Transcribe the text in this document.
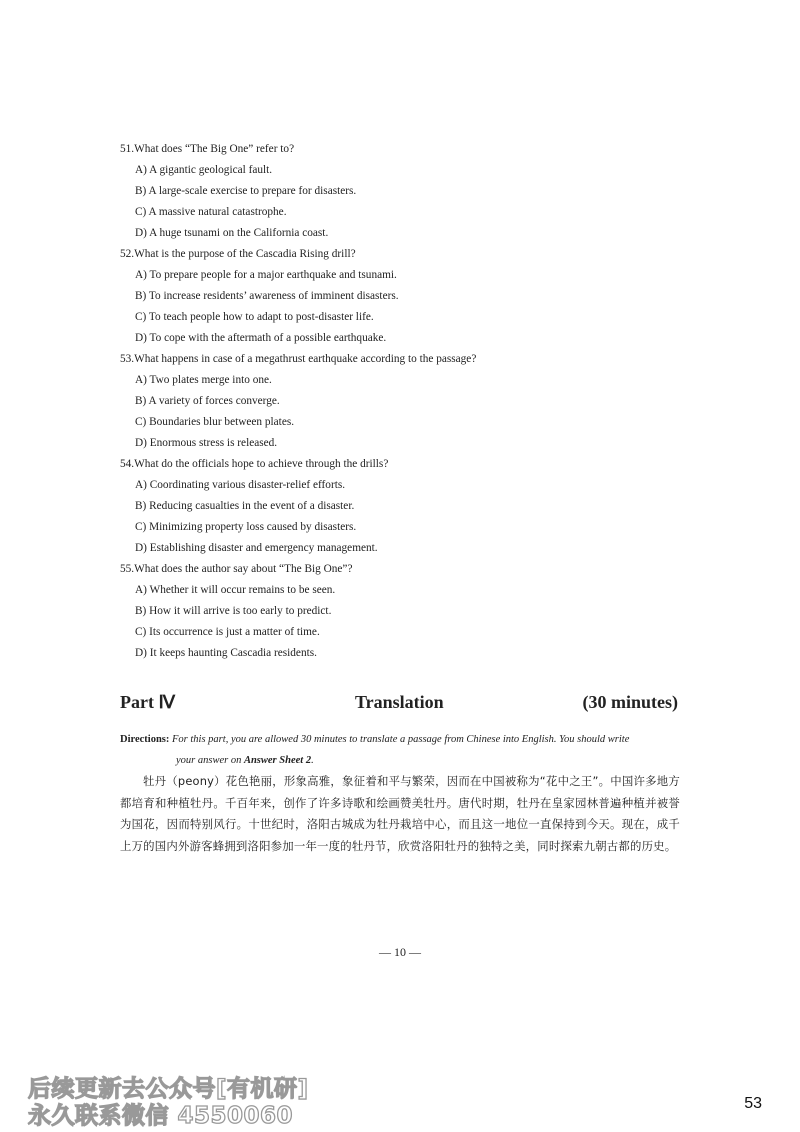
51.What does “The Big One” refer to?
A) A gigantic geological fault.
B) A large-scale exercise to prepare for disasters.
C) A massive natural catastrophe.
D) A huge tsunami on the California coast.
52.What is the purpose of the Cascadia Rising drill?
A) To prepare people for a major earthquake and tsunami.
B) To increase residents’ awareness of imminent disasters.
C) To teach people how to adapt to post-disaster life.
D) To cope with the aftermath of a possible earthquake.
53.What happens in case of a megathrust earthquake according to the passage?
A) Two plates merge into one.
B) A variety of forces converge.
C) Boundaries blur between plates.
D) Enormous stress is released.
54.What do the officials hope to achieve through the drills?
A) Coordinating various disaster-relief efforts.
B) Reducing casualties in the event of a disaster.
C) Minimizing property loss caused by disasters.
D) Establishing disaster and emergency management.
55.What does the author say about “The Big One”?
A) Whether it will occur remains to be seen.
B) How it will arrive is too early to predict.
C) Its occurrence is just a matter of time.
D) It keeps haunting Cascadia residents.
Part Ⅳ	Translation	(30 minutes)
Directions: For this part, you are allowed 30 minutes to translate a passage from Chinese into English. You should write
your answer on Answer Sheet 2.
牡丹（peony）花色艳丽，形象高雅，象征着和平与繁荣，因而在中国被称为“花中之王”。中国许多地方都培育和种植牡丹。千百年来，创作了许多诗歌和绘画赞美牡丹。唐代时期，牡丹在皇家园林普遍种植并被誉为国花，因而特别风行。十世纪时，洛阳古城成为牡丹栽培中心，而且这一地位一直保持到今天。现在，成千上万的国内外游客蜂拥到洛阳参加一年一度的牡丹节，欣赏洛阳牡丹的独特之美，同时探索九朝古都的历史。
— 10 —
后续更新去公众号[有机研]
永久联系微信 4550060	53
